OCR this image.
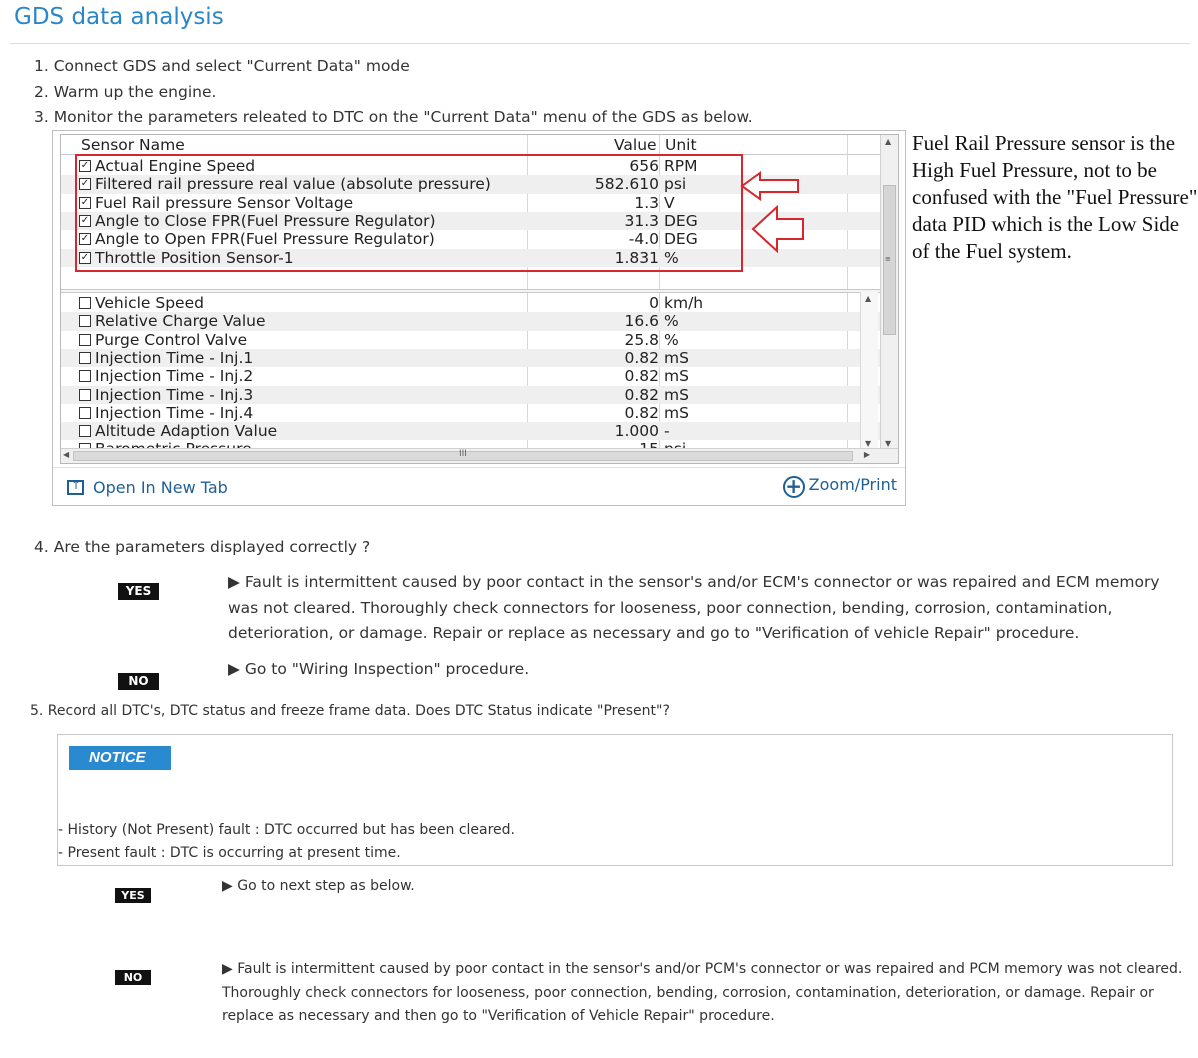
GDS data analysis
1. Connect GDS and select "Current Data" mode
2. Warm up the engine.
3. Monitor the parameters releated to DTC on the "Current Data" menu of the GDS as below.
Sensor Name	Value Unit
✓ Actual Engine Speed	656 RPM
✓ Filtered rail pressure real value (absolute pressure)	582.610 psi
✓ Fuel Rail pressure Sensor Voltage	1.3 V
✓ Angle to Close FPR(Fuel Pressure Regulator)	31.3 DEG
✓ Angle to Open FPR(Fuel Pressure Regulator)	-4.0 DEG
✓ Throttle Position Sensor-1	1.831 %
Vehicle Speed	0 km/h
Relative Charge Value	16.6 %
Purge Control Valve	25.8 %
Injection Time - Inj.1	0.82 mS
Injection Time - Inj.2	0.82 mS
Injection Time - Inj.3	0.82 mS
Injection Time - Inj.4	0.82 mS
Altitude Adaption Value	1.000 -
▲
≡
▼
▲
▼
◀	III	▶
↑Open In New Tab	+ Zoom/Print
Fuel Rail Pressure sensor is the High Fuel Pressure, not to be confused with the "Fuel Pressure" data PID which is the Low Side of the Fuel system.
4. Are the parameters displayed correctly ?
YES	▶ Fault is intermittent caused by poor contact in the sensor's and/or ECM's connector or was repaired and ECM memory was not cleared. Thoroughly check connectors for looseness, poor connection, bending, corrosion, contamination, deterioration, or damage. Repair or replace as necessary and go to "Verification of vehicle Repair" procedure.
NO
▶ Go to "Wiring Inspection" procedure.
5. Record all DTC's, DTC status and freeze frame data. Does DTC Status indicate "Present"?
NOTICE
- History (Not Present) fault : DTC occurred but has been cleared.
- Present fault : DTC is occurring at present time.
YES
▶ Go to next step as below.
NO
▶ Fault is intermittent caused by poor contact in the sensor's and/or PCM's connector or was repaired and PCM memory was not cleared. Thoroughly check connectors for looseness, poor connection, bending, corrosion, contamination, deterioration, or damage. Repair or replace as necessary and then go to "Verification of Vehicle Repair" procedure.
